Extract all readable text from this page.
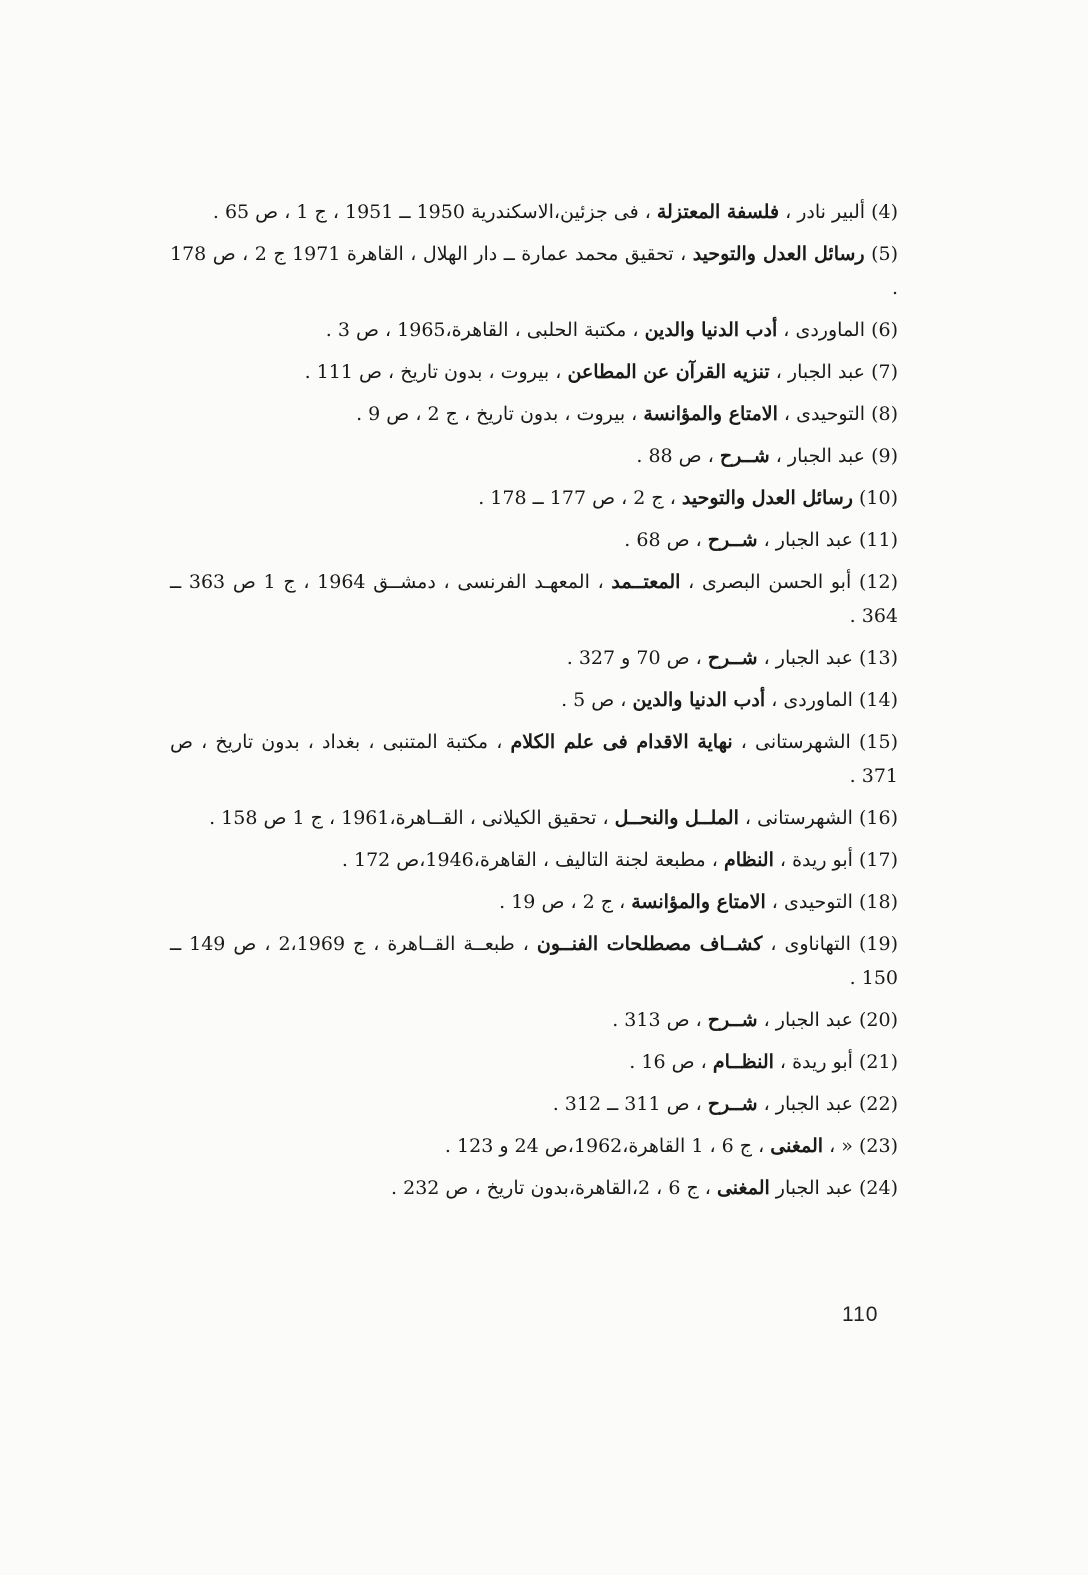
(4) ألبير نادر ، فلسفة المعتزلة ، فى جزئين،الاسكندرية 1950 ــ 1951 ، ج 1 ، ص 65 .
(5) رسائل العدل والتوحيد ، تحقيق محمد عمارة ــ دار الهلال ، القاهرة 1971 ج 2 ، ص 178 .
(6) الماوردى ، أدب الدنيا والدين ، مكتبة الحلبى ، القاهرة،1965 ، ص 3 .
(7) عبد الجبار ، تنزيه القرآن عن المطاعن ، بيروت ، بدون تاريخ ، ص 111 .
(8) التوحيدى ، الامتاع والمؤانسة ، بيروت ، بدون تاريخ ، ج 2 ، ص 9 .
(9) عبد الجبار ، شــرح ، ص 88 .
(10) رسائل العدل والتوحيد ، ج 2 ، ص 177 ــ 178 .
(11) عبد الجبار ، شــرح ، ص 68 .
(12) أبو الحسن البصرى ، المعتــمد ، المعهـد الفرنسى ، دمشــق 1964 ، ج 1 ص 363 ــ 364 .
(13) عبد الجبار ، شــرح ، ص 70 و 327 .
(14) الماوردى ، أدب الدنيا والدين ، ص 5 .
(15) الشهرستانى ، نهاية الاقدام فى علم الكلام ، مكتبة المتنبى ، بغداد ، بدون تاريخ ، ص 371 .
(16) الشهرستانى ، الملــل والنحــل ، تحقيق الكيلانى ، القــاهرة،1961 ، ج 1 ص 158 .
(17) أبو ريدة ، النظام ، مطبعة لجنة التاليف ، القاهرة،1946،ص 172 .
(18) التوحيدى ، الامتاع والمؤانسة ، ج 2 ، ص 19 .
(19) التهاناوى ، كشــاف مصطلحات الفنــون ، طبعــة القــاهرة ، ج 2،1969 ، ص 149 ــ 150 .
(20) عبد الجبار ، شــرح ، ص 313 .
(21) أبو ريدة ، النظــام ، ص 16 .
(22) عبد الجبار ، شــرح ، ص 311 ــ 312 .
(23) « ، المغنى ، ج 6 ، 1 القاهرة،1962،ص 24 و 123 .
(24) عبد الجبار المغنى ، ج 6 ، 2،القاهرة،بدون تاريخ ، ص 232 .
110
